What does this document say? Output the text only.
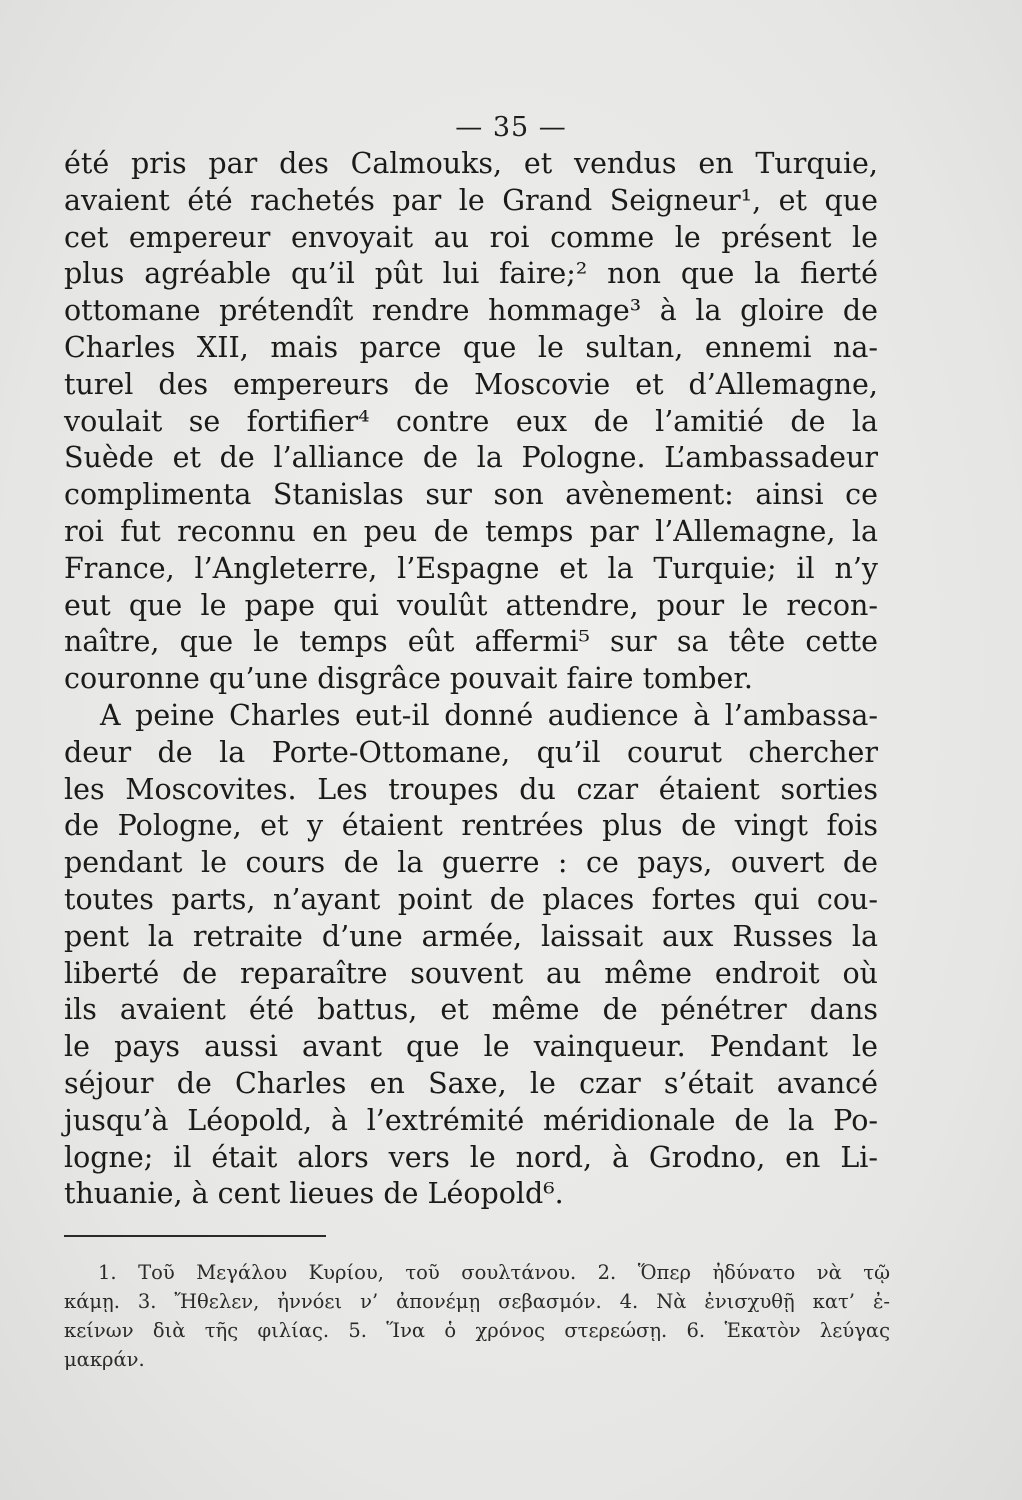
— 35 —
été pris par des Calmouks, et vendus en Turquie,
avaient été rachetés par le Grand Seigneur¹, et que
cet empereur envoyait au roi comme le présent le
plus agréable qu’il pût lui faire;² non que la fierté
ottomane prétendît rendre hommage³ à la gloire de
Charles XII, mais parce que le sultan, ennemi na-
turel des empereurs de Moscovie et d’Allemagne,
voulait se fortifier⁴ contre eux de l’amitié de la
Suède et de l’alliance de la Pologne. L’ambassadeur
complimenta Stanislas sur son avènement: ainsi ce
roi fut reconnu en peu de temps par l’Allemagne, la
France, l’Angleterre, l’Espagne et la Turquie; il n’y
eut que le pape qui voulût attendre, pour le recon-
naître, que le temps eût affermi⁵ sur sa tête cette
couronne qu’une disgrâce pouvait faire tomber.
A peine Charles eut-il donné audience à l’ambassa-
deur de la Porte-Ottomane, qu’il courut chercher
les Moscovites. Les troupes du czar étaient sorties
de Pologne, et y étaient rentrées plus de vingt fois
pendant le cours de la guerre : ce pays, ouvert de
toutes parts, n’ayant point de places fortes qui cou-
pent la retraite d’une armée, laissait aux Russes la
liberté de reparaître souvent au même endroit où
ils avaient été battus, et même de pénétrer dans
le pays aussi avant que le vainqueur. Pendant le
séjour de Charles en Saxe, le czar s’était avancé
jusqu’à Léopold, à l’extrémité méridionale de la Po-
logne; il était alors vers le nord, à Grodno, en Li-
thuanie, à cent lieues de Léopold⁶.
1. Τοῦ Μεγάλου Κυρίου, τοῦ σουλτάνου. 2. Ὅπερ ἠδύνατο νὰ τῷ
κάμῃ. 3. Ἤθελεν, ἠννόει ν’ ἀπονέμῃ σεβασμόν. 4. Νὰ ἐνισχυθῇ κατ’ ἐ-
κείνων διὰ τῆς φιλίας. 5. Ἵνα ὁ χρόνος στερεώσῃ. 6. Ἑκατὸν λεύγας
μακράν.
